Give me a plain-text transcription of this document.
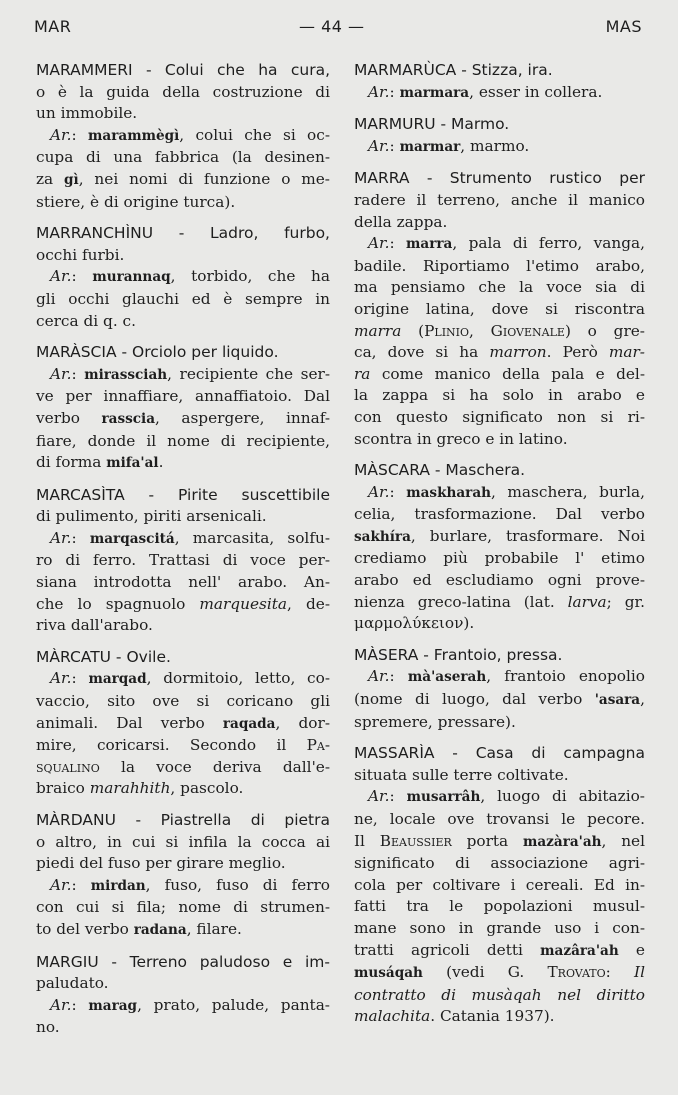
MAR	— 44 —	MAS
MARAMMERI - Colui che ha cura,
o è la guida della costruzione di
un immobile.
Ar.: marammègì, colui che si oc-
cupa di una fabbrica (la desinen-
za gì, nei nomi di funzione o me-
stiere, è di origine turca).
MARRANCHÌNU - Ladro, furbo,
occhi furbi.
Ar.: murannaq, torbido, che ha
gli occhi glauchi ed è sempre in
cerca di q. c.
MARÀSCIA - Orciolo per liquido.
Ar.: mirassciah, recipiente che ser-
ve per innaffiare, annaffiatoio. Dal
verbo rassciа, aspergere, innaf-
fiare, donde il nome di recipiente,
di forma mifa'al.
MARCASÌTA - Pirite suscettibile
di pulimento, piriti arsenicali.
Ar.: marqascitá, marcasita, solfu-
ro di ferro. Trattasi di voce per-
siana introdotta nell' arabo. An-
che lo spagnuolo marquesita, de-
riva dall'arabo.
MÀRCATU - Ovile.
Ar.: marqad, dormitoio, letto, co-
vaccio, sito ove si coricano gli
animali. Dal verbo raqada, dor-
mire, coricarsi. Secondo il Pa-
squalino la voce deriva dall'e-
braico marahhith, pascolo.
MÀRDANU - Piastrella di pietra
o altro, in cui si infila la cocca ai
piedi del fuso per girare meglio.
Ar.: mirdan, fuso, fuso di ferro
con cui si fila; nome di strumen-
to del verbo radana, filare.
MARGIU - Terreno paludoso e im-
paludato.
Ar.: marag, prato, palude, panta-
no.
MARMARÙCA - Stizza, ira.
Ar.: marmara, esser in collera.
MARMURU - Marmo.
Ar.: marmar, marmo.
MARRA - Strumento rustico per
radere il terreno, anche il manico
della zappa.
Ar.: marra, pala di ferro, vanga,
badile. Riportiamo l'etimo arabo,
ma pensiamo che la voce sia di
origine latina, dove si riscontra
marra (Plinio, Giovenale) o gre-
ca, dove si ha marron. Però mar-
ra come manico della pala e del-
la zappa si ha solo in arabo e
con questo significato non si ri-
scontra in greco e in latino.
MÀSCARA - Maschera.
Ar.: maskharah, maschera, burla,
celia, trasformazione. Dal verbo
sakhíra, burlare, trasformare. Noi
crediamo più probabile l' etimo
arabo ed escludiamo ogni prove-
nienza greco-latina (lat. larva; gr.
μαρμολύκειον).
MÀSERA - Frantoio, pressa.
Ar.: mà'aserah, frantoio enopolio
(nome di luogo, dal verbo 'asara,
spremere, pressare).
MASSARÌA - Casa di campagna
situata sulle terre coltivate.
Ar.: musarrâh, luogo di abitazio-
ne, locale ove trovansi le pecore.
Il Beaussier porta mazàra'ah, nel
significato di associazione agri-
cola per coltivare i cereali. Ed in-
fatti tra le popolazioni musul-
mane sono in grande uso i con-
tratti agricoli detti mazâra'ah e
musáqah (vedi G. Trovato: Il
contratto di musàqah nel diritto
malachita. Catania 1937).
